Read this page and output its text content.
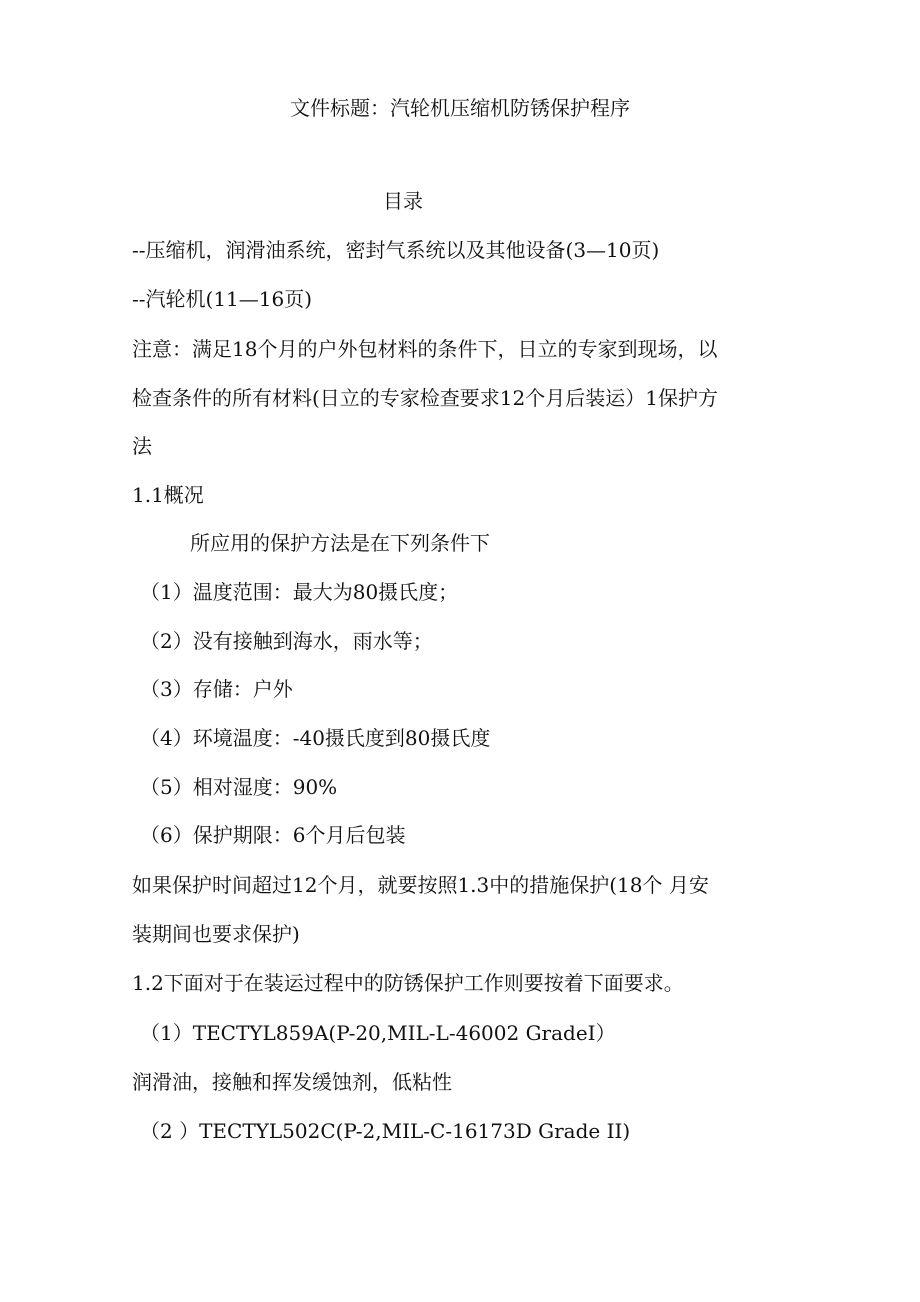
文件标题：汽轮机压缩机防锈保护程序
目录
--压缩机，润滑油系统，密封气系统以及其他设备(3—10页)
--汽轮机(11—16页)
注意：满足18个月的户外包材料的条件下，日立的专家到现场，以
检查条件的所有材料(日立的专家检查要求12个月后装运）1保护方
法
1.1概况
所应用的保护方法是在下列条件下
（1）温度范围：最大为80摄氏度；
（2）没有接触到海水，雨水等；
（3）存储：户外
（4）环境温度：-40摄氏度到80摄氏度
（5）相对湿度：90%
（6）保护期限：6个月后包装
如果保护时间超过12个月，就要按照1.3中的措施保护(18个 月安
装期间也要求保护)
1.2下面对于在装运过程中的防锈保护工作则要按着下面要求。
（1）TECTYL859A(P-20,MIL-L-46002 GradeⅠ）
润滑油，接触和挥发缓蚀剂，低粘性
（2 ）TECTYL502C(P-2,MIL-C-16173D Grade II)
